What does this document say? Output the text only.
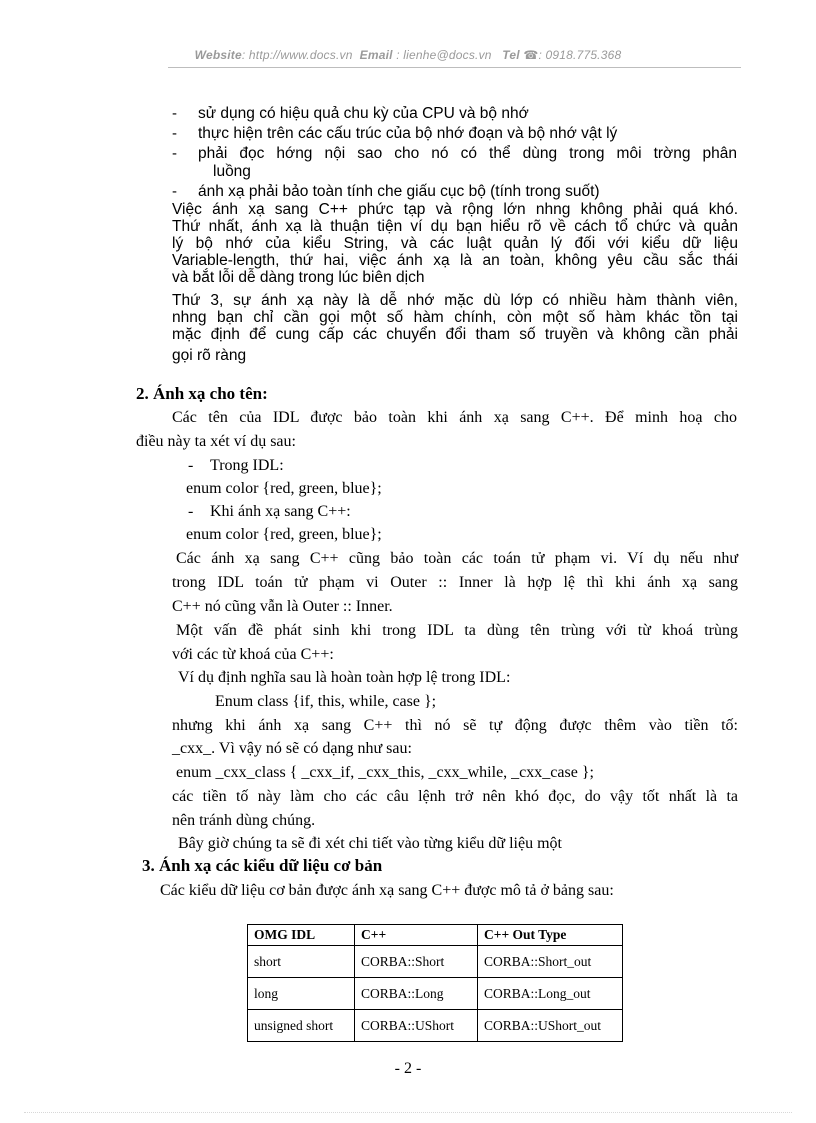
Website: http://www.docs.vn Email : lienhe@docs.vn Tel ☎: 0918.775.368
- sử dụng có hiệu quả chu kỳ của CPU và bộ nhớ
- thực hiện trên các cấu trúc của bộ nhớ đoạn và bộ nhớ vật lý
- phải đọc hớng nội sao cho nó có thể dùng trong môi trờng phân
luồng
- ánh xạ phải bảo toàn tính che giấu cục bộ (tính trong suốt)
Việc ánh xạ sang C++ phức tạp và rộng lớn nhng không phải quá khó.
Thứ nhất, ánh xạ là thuận tiện ví dụ bạn hiểu rõ về cách tổ chức và quản
lý bộ nhớ của kiểu String, và các luật quản lý đối với kiểu dữ liệu
Variable-length, thứ hai, việc ánh xạ là an toàn, không yêu cầu sắc thái
và bắt lỗi dễ dàng trong lúc biên dịch
Thứ 3, sự ánh xạ này là dễ nhớ mặc dù lớp có nhiều hàm thành viên,
nhng bạn chỉ cần gọi một số hàm chính, còn một số hàm khác tồn tại
mặc định để cung cấp các chuyển đổi tham số truyền và không cần phải
gọi rõ ràng
2. Ánh xạ cho tên:
Các tên của IDL được bảo toàn khi ánh xạ sang C++. Để minh hoạ cho
điều này ta xét ví dụ sau:
- Trong IDL:
enum color {red, green, blue};
- Khi ánh xạ sang C++:
enum color {red, green, blue};
Các ánh xạ sang C++ cũng bảo toàn các toán tử phạm vi. Ví dụ nếu như
trong IDL toán tử phạm vi Outer :: Inner là hợp lệ thì khi ánh xạ sang
C++ nó cũng vẫn là Outer :: Inner.
Một vấn đề phát sinh khi trong IDL ta dùng tên trùng với từ khoá trùng
với các từ khoá của C++:
Ví dụ định nghĩa sau là hoàn toàn hợp lệ trong IDL:
Enum class {if, this, while, case };
nhưng khi ánh xạ sang C++ thì nó sẽ tự động được thêm vào tiền tố:
_cxx_. Vì vậy nó sẽ có dạng như sau:
enum _cxx_class { _cxx_if, _cxx_this, _cxx_while, _cxx_case };
các tiền tố này làm cho các câu lệnh trở nên khó đọc, do vậy tốt nhất là ta
nên tránh dùng chúng.
Bây giờ chúng ta sẽ đi xét chi tiết vào từng kiểu dữ liệu một
3. Ánh xạ các kiểu dữ liệu cơ bản
Các kiểu dữ liệu cơ bản được ánh xạ sang C++ được mô tả ở bảng sau:
OMG IDL	C++	C++ Out Type
short	CORBA::Short	CORBA::Short_out
long	CORBA::Long	CORBA::Long_out
unsigned short	CORBA::UShort	CORBA::UShort_out
- 2 -
